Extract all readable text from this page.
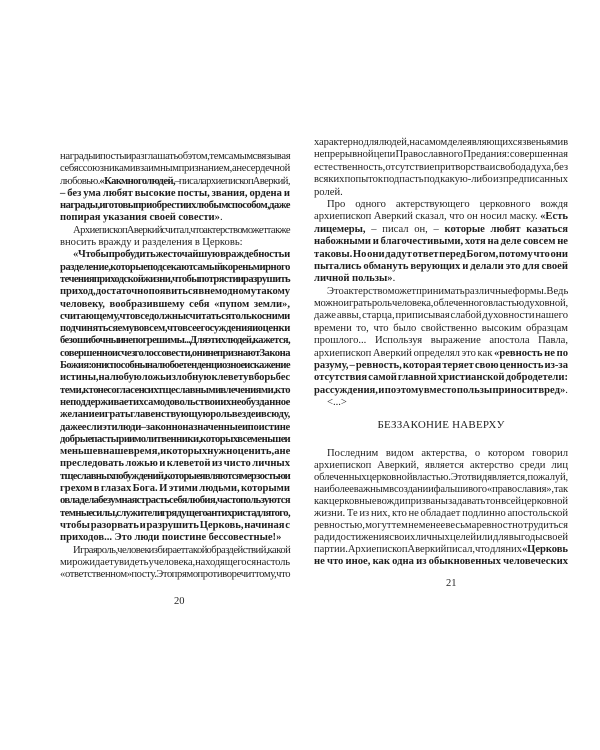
награды и посты и разглашать об этом, тем самым связывая
себя с союзниками взаимным признанием, а не сердечной
любовью. «Как много людей, – писал архиепископ Аверкий,
– без ума любят высокие посты, звания, ордена и
награды, и готовы приобрести их любым способом, даже
попирая указания своей совести».
Архиепископ Аверкий считал, что актерство может так же
вносить вражду и разделения в Церковь:
«Чтобы пробудить жесточайшую враждебность и
разделение, которые подсекают самый корень мирного
течения приходской жизни, чтобы потрясти и разрушить
приход, достаточно появиться в нем одному такому
человеку, вообразившему себя «пупом земли»,
считающему, что все должны считаться только с ним и
подчиняться ему во всем, что все его суждения и оценки
безошибочны и непогрешимы... Для этих людей, кажется,
совершенно исчез голос совести, они не признают Закона
Божия: они способны на любое тенденциозное искажение
истины, на любую ложь и злобную клевету в борьбе с
теми, кто не согласен с их тщеславными влечениями, кто
не поддерживает их самодовольство и их необузданное
желание играть главенствующую роль везде и всюду,
даже если эти люди – законно назначенные и поистине
добрые пастыри и молитвенники, которых все меньше и
меньше в наше время, и которых нужно ценить, а не
преследовать ложью и клеветой из чисто личных
тщеславных побуждений, которые являются мерзостью и
грехом в глазах Бога. И этими людьми, которыми
овладела безумная страсть себялюбия, часто пользуются
темные силы, служители грядущего антихриста для того,
чтобы разорвать и разрушить Церковь, начиная с
приходов... Это люди поистине бессовестные!»
Играя роль, человек избирает такой образ действий, какой
мир ожидает увидеть у человека, находящегося на столь
«ответственном» посту. Это прямо противоречит тому, что
характерно для людей, на самом деле являющихся звеньями в
непрерывной цепи Православного Предания: совершенная
естественность, отсутствие притворства и свобода духа, без
всяких попыток подпасть под какую-либо из предписанных
ролей.
Про одного актерствующего церковного вождя
архиепископ Аверкий сказал, что он носил маску. «Есть
лицемеры, – писал он, – которые любят казаться
набожными и благочестивыми, хотя на деле совсем не
таковы. Но они дадут ответ перед Богом, потому что они
пытались обмануть верующих и делали это для своей
личной пользы».
Это актерство может принимать различные формы. Ведь
можно играть роль человека, облеченного властью духовной,
даже аввы, старца, приписывая слабой духовности нашего
времени то, что было свойственно высоким образцам
прошлого... Используя выражение апостола Павла,
архиепископ Аверкий определял это как «ревность не по
разуму, – ревность, которая теряет свою ценность из-за
отсутствия самой главной христианской добродетели:
рассуждения, и поэтому вместо пользы приносит вред».
<...>
БЕЗЗАКОНИЕ НАВЕРХУ
Последним видом актерства, о котором говорил
архиепископ Аверкий, является актерство среди лиц
облеченных церковной властью. Этот вид является, пожалуй,
наиболее важным в создании фальшивого «православия», так
как церковные вожди призваны задавать тон всей церковной
жизни. Те из них, кто не обладает подлинно апостольской
ревностью, могут тем не менее весьма ревностно трудиться
ради достижения своих личных целей или для выгоды своей
партии. Архиепископ Аверкий писал, что для них «Церковь
не что иное, как одна из обыкновенных человеческих
20
21
